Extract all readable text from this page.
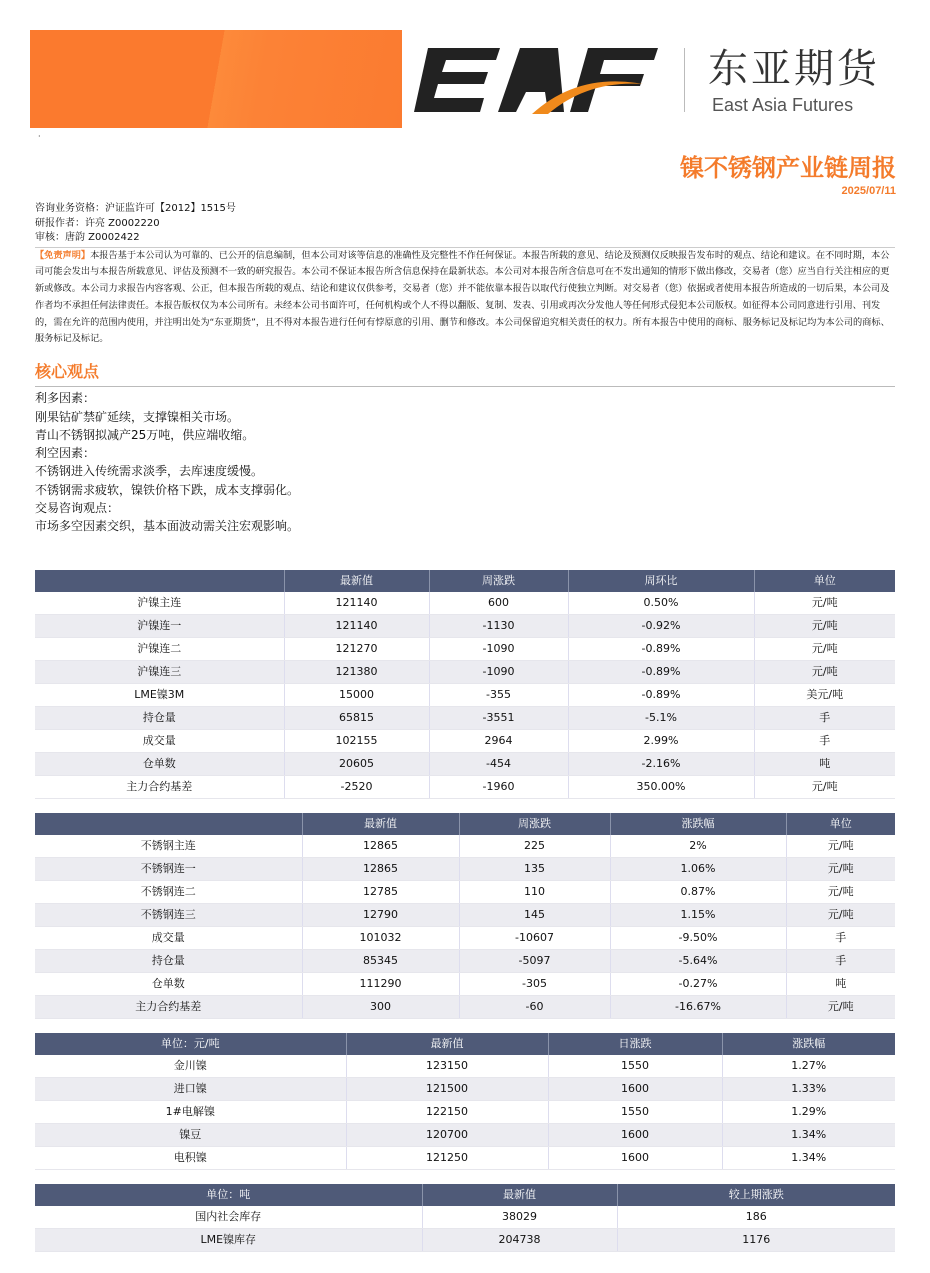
东亚期货
East Asia Futures
·
镍不锈钢产业链周报
2025/07/11
咨询业务资格：沪证监许可【2012】1515号
研报作者：许亮 Z0002220
审核：唐韵 Z0002422
【免责声明】本报告基于本公司认为可靠的、已公开的信息编制，但本公司对该等信息的准确性及完整性不作任何保证。本报告所载的意见、结论及预测仅反映报告发布时的观点、结论和建议。在不同时期，本公司可能会发出与本报告所载意见、评估及预测不一致的研究报告。本公司不保证本报告所含信息保持在最新状态。本公司对本报告所含信息可在不发出通知的情形下做出修改，交易者（您）应当自行关注相应的更新或修改。本公司力求报告内容客观、公正，但本报告所载的观点、结论和建议仅供参考，交易者（您）并不能依靠本报告以取代行使独立判断。对交易者（您）依据或者使用本报告所造成的一切后果，本公司及作者均不承担任何法律责任。本报告版权仅为本公司所有。未经本公司书面许可，任何机构或个人不得以翻版、复制、发表、引用或再次分发他人等任何形式侵犯本公司版权。如征得本公司同意进行引用、刊发的，需在允许的范围内使用，并注明出处为“东亚期货”，且不得对本报告进行任何有悖原意的引用、删节和修改。本公司保留追究相关责任的权力。所有本报告中使用的商标、服务标记及标记均为本公司的商标、服务标记及标记。
核心观点
利多因素：
刚果钴矿禁矿延续，支撑镍相关市场。
青山不锈钢拟减产25万吨，供应端收缩。
利空因素：
不锈钢进入传统需求淡季，去库速度缓慢。
不锈钢需求疲软，镍铁价格下跌，成本支撑弱化。
交易咨询观点：
市场多空因素交织，基本面波动需关注宏观影响。
	最新值	周涨跌	周环比	单位
沪镍主连	121140	600	0.50%	元/吨
沪镍连一	121140	-1130	-0.92%	元/吨
沪镍连二	121270	-1090	-0.89%	元/吨
沪镍连三	121380	-1090	-0.89%	元/吨
LME镍3M	15000	-355	-0.89%	美元/吨
持仓量	65815	-3551	-5.1%	手
成交量	102155	2964	2.99%	手
仓单数	20605	-454	-2.16%	吨
主力合约基差	-2520	-1960	350.00%	元/吨
	最新值	周涨跌	涨跌幅	单位
不锈钢主连	12865	225	2%	元/吨
不锈钢连一	12865	135	1.06%	元/吨
不锈钢连二	12785	110	0.87%	元/吨
不锈钢连三	12790	145	1.15%	元/吨
成交量	101032	-10607	-9.50%	手
持仓量	85345	-5097	-5.64%	手
仓单数	111290	-305	-0.27%	吨
主力合约基差	300	-60	-16.67%	元/吨
单位：元/吨	最新值	日涨跌	涨跌幅
金川镍	123150	1550	1.27%
进口镍	121500	1600	1.33%
1#电解镍	122150	1550	1.29%
镍豆	120700	1600	1.34%
电积镍	121250	1600	1.34%
单位：吨	最新值	较上期涨跌
国内社会库存	38029	186
LME镍库存	204738	1176
